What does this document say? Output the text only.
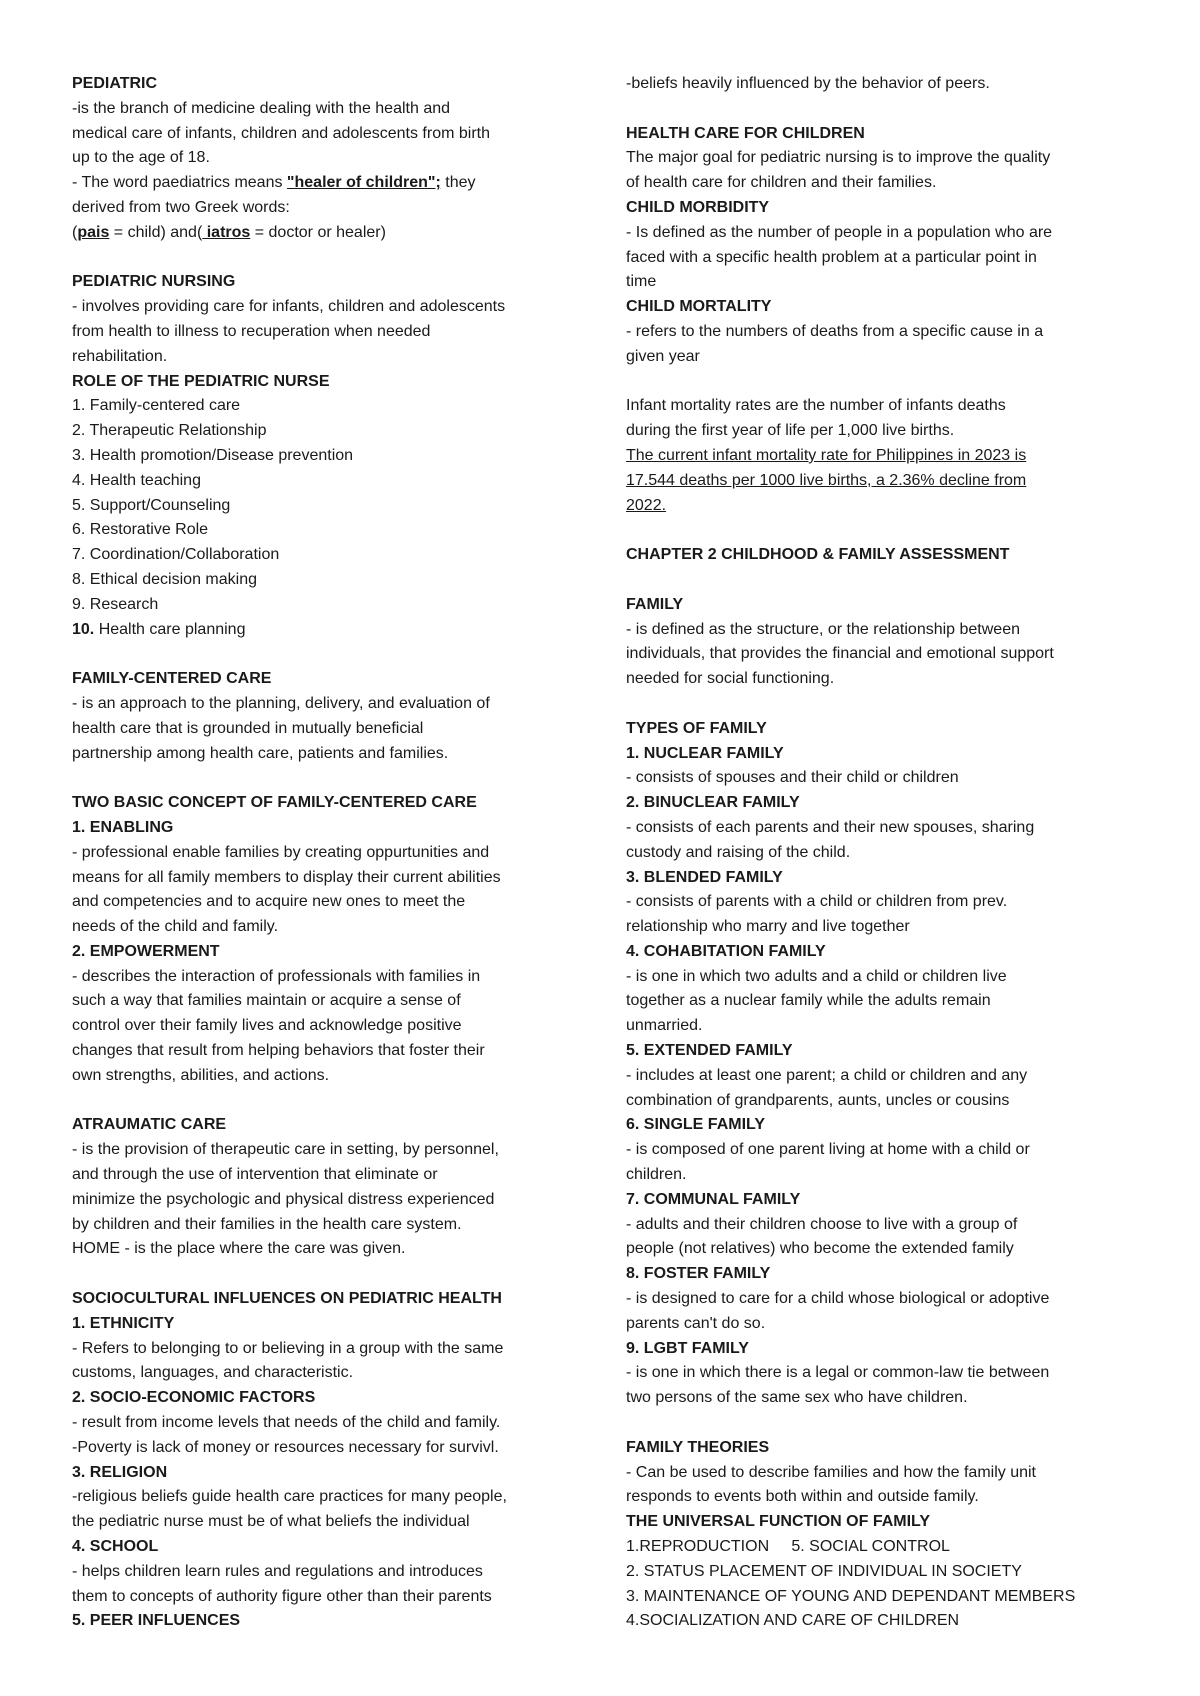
PEDIATRIC
-is the branch of medicine dealing with the health and
medical care of infants, children and adolescents from birth
up to the age of 18.
- The word paediatrics means "healer of children"; they
derived from two Greek words:
(pais = child) and( iatros = doctor or healer)
PEDIATRIC NURSING
- involves providing care for infants, children and adolescents
from health to illness to recuperation when needed
rehabilitation.
ROLE OF THE PEDIATRIC NURSE
1. Family-centered care
2. Therapeutic Relationship
3. Health promotion/Disease prevention
4. Health teaching
5. Support/Counseling
6. Restorative Role
7. Coordination/Collaboration
8. Ethical decision making
9. Research
10. Health care planning
FAMILY-CENTERED CARE
- is an approach to the planning, delivery, and evaluation of
health care that is grounded in mutually beneficial
partnership among health care, patients and families.
TWO BASIC CONCEPT OF FAMILY-CENTERED CARE
1. ENABLING
- professional enable families by creating oppurtunities and
means for all family members to display their current abilities
and competencies and to acquire new ones to meet the
needs of the child and family.
2. EMPOWERMENT
- describes the interaction of professionals with families in
such a way that families maintain or acquire a sense of
control over their family lives and acknowledge positive
changes that result from helping behaviors that foster their
own strengths, abilities, and actions.
ATRAUMATIC CARE
- is the provision of therapeutic care in setting, by personnel,
and through the use of intervention that eliminate or
minimize the psychologic and physical distress experienced
by children and their families in the health care system.
HOME - is the place where the care was given.
SOCIOCULTURAL INFLUENCES ON PEDIATRIC HEALTH
1. ETHNICITY
- Refers to belonging to or believing in a group with the same
customs, languages, and characteristic.
2. SOCIO-ECONOMIC FACTORS
- result from income levels that needs of the child and family.
-Poverty is lack of money or resources necessary for survivl.
3. RELIGION
-religious beliefs guide health care practices for many people,
the pediatric nurse must be of what beliefs the individual
4. SCHOOL
- helps children learn rules and regulations and introduces
them to concepts of authority figure other than their parents
5. PEER INFLUENCES
-beliefs heavily influenced by the behavior of peers.
HEALTH CARE FOR CHILDREN
The major goal for pediatric nursing is to improve the quality
of health care for children and their families.
CHILD MORBIDITY
- Is defined as the number of people in a population who are
faced with a specific health problem at a particular point in
time
CHILD MORTALITY
- refers to the numbers of deaths from a specific cause in a
given year
Infant mortality rates are the number of infants deaths
during the first year of life per 1,000 live births.
The current infant mortality rate for Philippines in 2023 is
17.544 deaths per 1000 live births, a 2.36% decline from
2022.
CHAPTER 2 CHILDHOOD & FAMILY ASSESSMENT
FAMILY
- is defined as the structure, or the relationship between
individuals, that provides the financial and emotional support
needed for social functioning.
TYPES OF FAMILY
1. NUCLEAR FAMILY
- consists of spouses and their child or children
2. BINUCLEAR FAMILY
- consists of each parents and their new spouses, sharing
custody and raising of the child.
3. BLENDED FAMILY
- consists of parents with a child or children from prev.
relationship who marry and live together
4. COHABITATION FAMILY
- is one in which two adults and a child or children live
together as a nuclear family while the adults remain
unmarried.
5. EXTENDED FAMILY
- includes at least one parent; a child or children and any
combination of grandparents, aunts, uncles or cousins
6. SINGLE FAMILY
- is composed of one parent living at home with a child or
children.
7. COMMUNAL FAMILY
- adults and their children choose to live with a group of
people (not relatives) who become the extended family
8. FOSTER FAMILY
- is designed to care for a child whose biological or adoptive
parents can't do so.
9. LGBT FAMILY
- is one in which there is a legal or common-law tie between
two persons of the same sex who have children.
FAMILY THEORIES
- Can be used to describe families and how the family unit
responds to events both within and outside family.
THE UNIVERSAL FUNCTION OF FAMILY
1.REPRODUCTION     5. SOCIAL CONTROL
2. STATUS PLACEMENT OF INDIVIDUAL IN SOCIETY
3. MAINTENANCE OF YOUNG AND DEPENDANT MEMBERS
4.SOCIALIZATION AND CARE OF CHILDREN
